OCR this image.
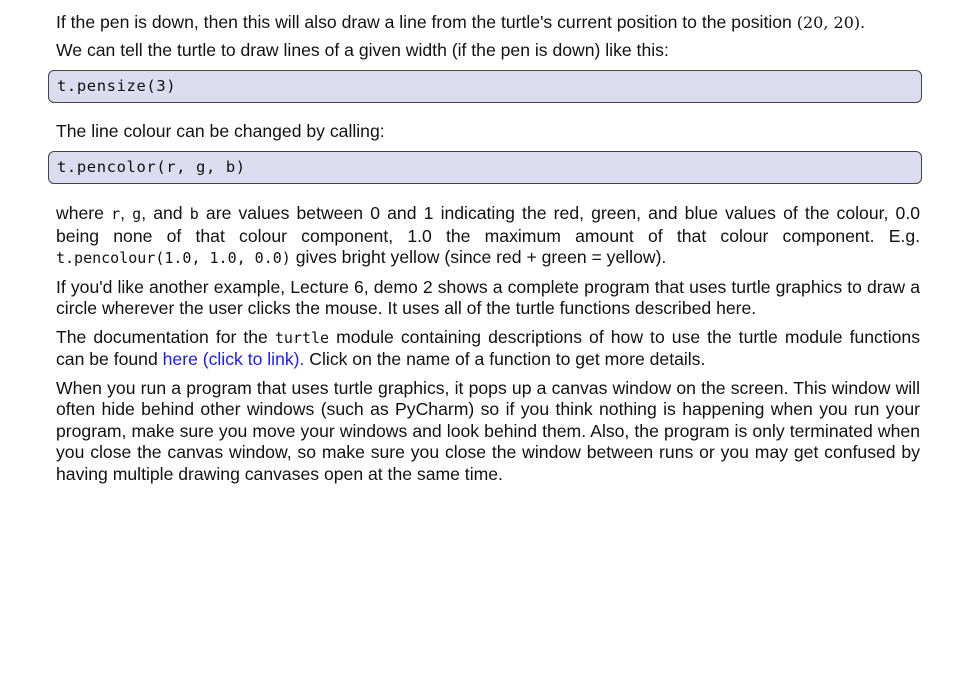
If the pen is down, then this will also draw a line from the turtle's current position to the position (20, 20).

We can tell the turtle to draw lines of a given width (if the pen is down) like this:

t.pensize(3)

The line colour can be changed by calling:

t.pencolor(r, g, b)

where r, g, and b are values between 0 and 1 indicating the red, green, and blue values of the colour, 0.0 being none of that colour component, 1.0 the maximum amount of that colour component. E.g. t.pencolour(1.0, 1.0, 0.0) gives bright yellow (since red + green = yellow).

If you'd like another example, Lecture 6, demo 2 shows a complete program that uses turtle graphics to draw a circle wherever the user clicks the mouse. It uses all of the turtle functions described here.

The documentation for the turtle module containing descriptions of how to use the turtle module functions can be found here (click to link). Click on the name of a function to get more details.

When you run a program that uses turtle graphics, it pops up a canvas window on the screen. This window will often hide behind other windows (such as PyCharm) so if you think nothing is happening when you run your program, make sure you move your windows and look behind them. Also, the program is only terminated when you close the canvas window, so make sure you close the window between runs or you may get confused by having multiple drawing canvases open at the same time.
